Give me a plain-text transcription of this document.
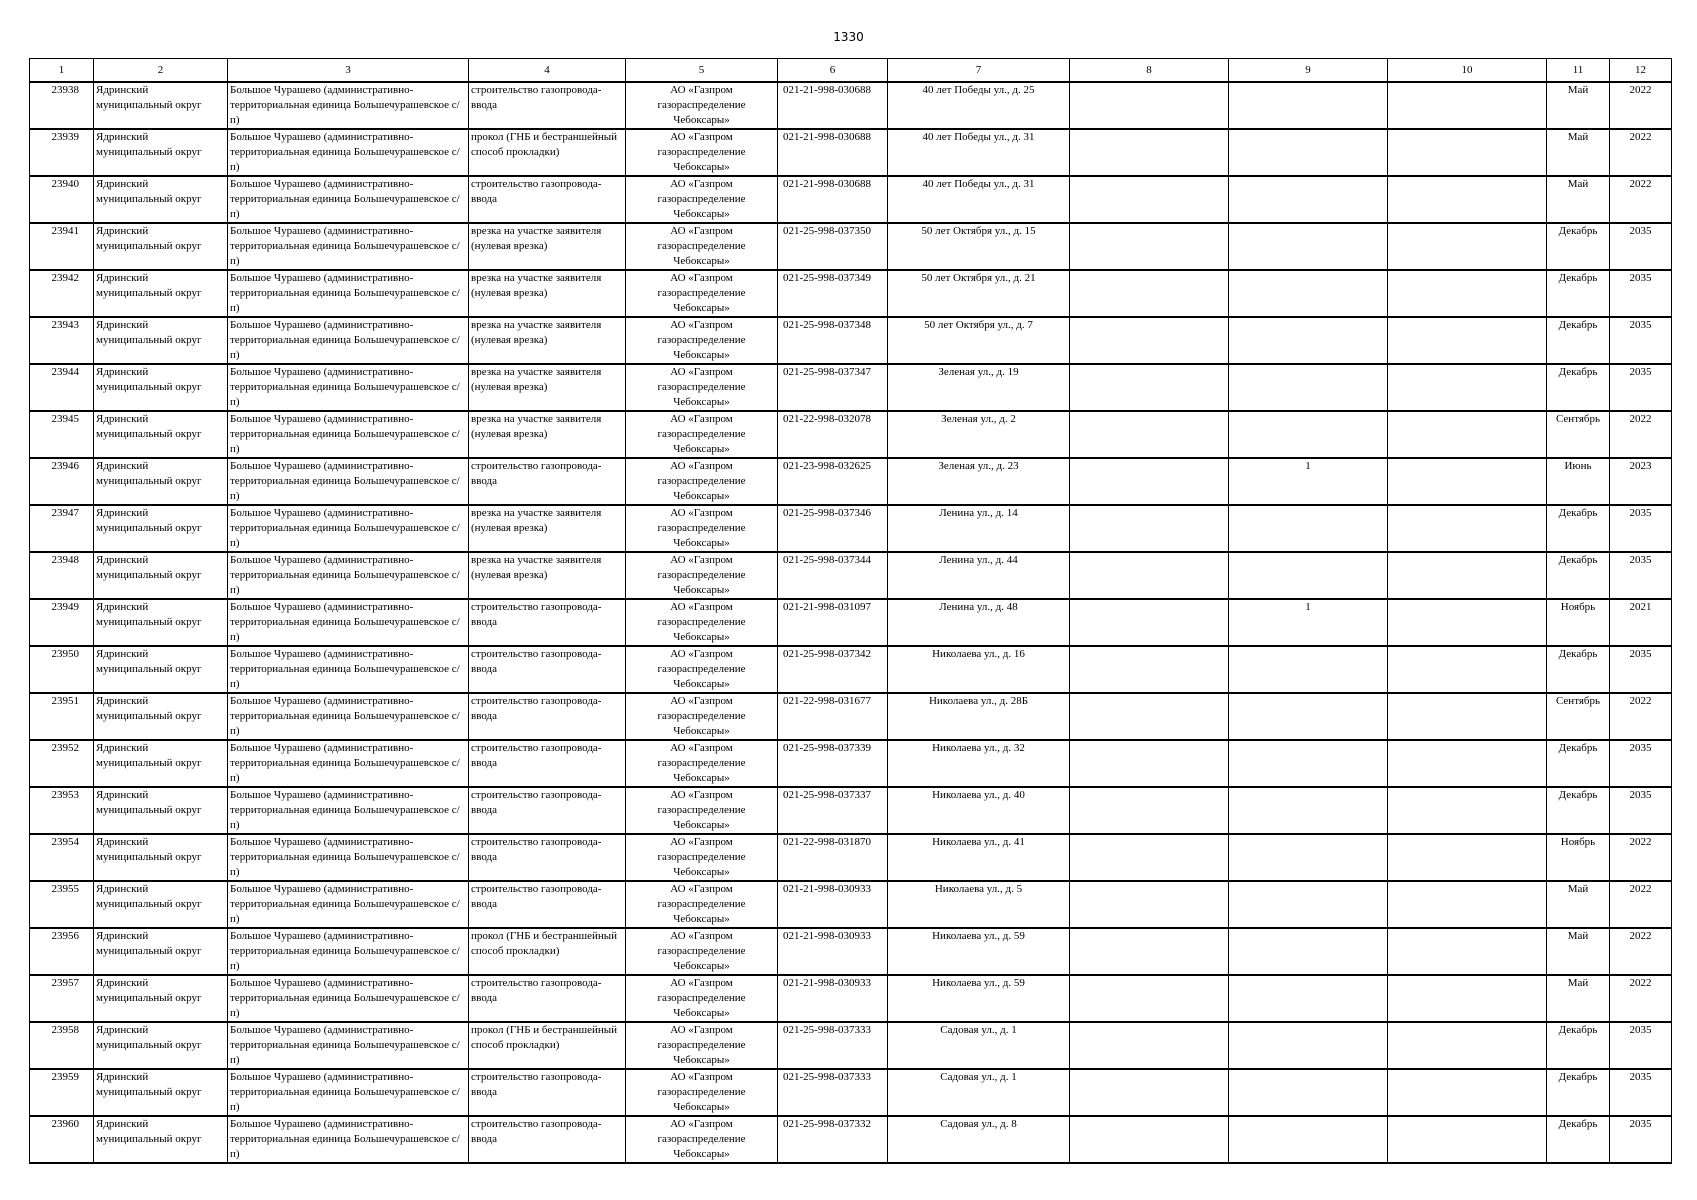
1330
1	2	3	4	5	6	7	8	9	10	11	12
23938	Ядринский муниципальный округ	Большое Чурашево (административно-территориальная единица Большечурашевское с/п)	строительство газопровода-ввода	АО «Газпром газораспределение Чебоксары»	021-21-998-030688	40 лет Победы ул., д. 25				Май	2022
23939	Ядринский муниципальный округ	Большое Чурашево (административно-территориальная единица Большечурашевское с/п)	прокол (ГНБ и бестраншейный способ прокладки)	АО «Газпром газораспределение Чебоксары»	021-21-998-030688	40 лет Победы ул., д. 31				Май	2022
23940	Ядринский муниципальный округ	Большое Чурашево (административно-территориальная единица Большечурашевское с/п)	строительство газопровода-ввода	АО «Газпром газораспределение Чебоксары»	021-21-998-030688	40 лет Победы ул., д. 31				Май	2022
23941	Ядринский муниципальный округ	Большое Чурашево (административно-территориальная единица Большечурашевское с/п)	врезка на участке заявителя (нулевая врезка)	АО «Газпром газораспределение Чебоксары»	021-25-998-037350	50 лет Октября ул., д. 15				Декабрь	2035
23942	Ядринский муниципальный округ	Большое Чурашево (административно-территориальная единица Большечурашевское с/п)	врезка на участке заявителя (нулевая врезка)	АО «Газпром газораспределение Чебоксары»	021-25-998-037349	50 лет Октября ул., д. 21				Декабрь	2035
23943	Ядринский муниципальный округ	Большое Чурашево (административно-территориальная единица Большечурашевское с/п)	врезка на участке заявителя (нулевая врезка)	АО «Газпром газораспределение Чебоксары»	021-25-998-037348	50 лет Октября ул., д. 7				Декабрь	2035
23944	Ядринский муниципальный округ	Большое Чурашево (административно-территориальная единица Большечурашевское с/п)	врезка на участке заявителя (нулевая врезка)	АО «Газпром газораспределение Чебоксары»	021-25-998-037347	Зеленая ул., д. 19				Декабрь	2035
23945	Ядринский муниципальный округ	Большое Чурашево (административно-территориальная единица Большечурашевское с/п)	врезка на участке заявителя (нулевая врезка)	АО «Газпром газораспределение Чебоксары»	021-22-998-032078	Зеленая ул., д. 2				Сентябрь	2022
23946	Ядринский муниципальный округ	Большое Чурашево (административно-территориальная единица Большечурашевское с/п)	строительство газопровода-ввода	АО «Газпром газораспределение Чебоксары»	021-23-998-032625	Зеленая ул., д. 23		1		Июнь	2023
23947	Ядринский муниципальный округ	Большое Чурашево (административно-территориальная единица Большечурашевское с/п)	врезка на участке заявителя (нулевая врезка)	АО «Газпром газораспределение Чебоксары»	021-25-998-037346	Ленина ул., д. 14				Декабрь	2035
23948	Ядринский муниципальный округ	Большое Чурашево (административно-территориальная единица Большечурашевское с/п)	врезка на участке заявителя (нулевая врезка)	АО «Газпром газораспределение Чебоксары»	021-25-998-037344	Ленина ул., д. 44				Декабрь	2035
23949	Ядринский муниципальный округ	Большое Чурашево (административно-территориальная единица Большечурашевское с/п)	строительство газопровода-ввода	АО «Газпром газораспределение Чебоксары»	021-21-998-031097	Ленина ул., д. 48		1		Ноябрь	2021
23950	Ядринский муниципальный округ	Большое Чурашево (административно-территориальная единица Большечурашевское с/п)	строительство газопровода-ввода	АО «Газпром газораспределение Чебоксары»	021-25-998-037342	Николаева ул., д. 16				Декабрь	2035
23951	Ядринский муниципальный округ	Большое Чурашево (административно-территориальная единица Большечурашевское с/п)	строительство газопровода-ввода	АО «Газпром газораспределение Чебоксары»	021-22-998-031677	Николаева ул., д. 28Б				Сентябрь	2022
23952	Ядринский муниципальный округ	Большое Чурашево (административно-территориальная единица Большечурашевское с/п)	строительство газопровода-ввода	АО «Газпром газораспределение Чебоксары»	021-25-998-037339	Николаева ул., д. 32				Декабрь	2035
23953	Ядринский муниципальный округ	Большое Чурашево (административно-территориальная единица Большечурашевское с/п)	строительство газопровода-ввода	АО «Газпром газораспределение Чебоксары»	021-25-998-037337	Николаева ул., д. 40				Декабрь	2035
23954	Ядринский муниципальный округ	Большое Чурашево (административно-территориальная единица Большечурашевское с/п)	строительство газопровода-ввода	АО «Газпром газораспределение Чебоксары»	021-22-998-031870	Николаева ул., д. 41				Ноябрь	2022
23955	Ядринский муниципальный округ	Большое Чурашево (административно-территориальная единица Большечурашевское с/п)	строительство газопровода-ввода	АО «Газпром газораспределение Чебоксары»	021-21-998-030933	Николаева ул., д. 5				Май	2022
23956	Ядринский муниципальный округ	Большое Чурашево (административно-территориальная единица Большечурашевское с/п)	прокол (ГНБ и бестраншейный способ прокладки)	АО «Газпром газораспределение Чебоксары»	021-21-998-030933	Николаева ул., д. 59				Май	2022
23957	Ядринский муниципальный округ	Большое Чурашево (административно-территориальная единица Большечурашевское с/п)	строительство газопровода-ввода	АО «Газпром газораспределение Чебоксары»	021-21-998-030933	Николаева ул., д. 59				Май	2022
23958	Ядринский муниципальный округ	Большое Чурашево (административно-территориальная единица Большечурашевское с/п)	прокол (ГНБ и бестраншейный способ прокладки)	АО «Газпром газораспределение Чебоксары»	021-25-998-037333	Садовая ул., д. 1				Декабрь	2035
23959	Ядринский муниципальный округ	Большое Чурашево (административно-территориальная единица Большечурашевское с/п)	строительство газопровода-ввода	АО «Газпром газораспределение Чебоксары»	021-25-998-037333	Садовая ул., д. 1				Декабрь	2035
23960	Ядринский муниципальный округ	Большое Чурашево (административно-территориальная единица Большечурашевское с/п)	строительство газопровода-ввода	АО «Газпром газораспределение Чебоксары»	021-25-998-037332	Садовая ул., д. 8				Декабрь	2035
